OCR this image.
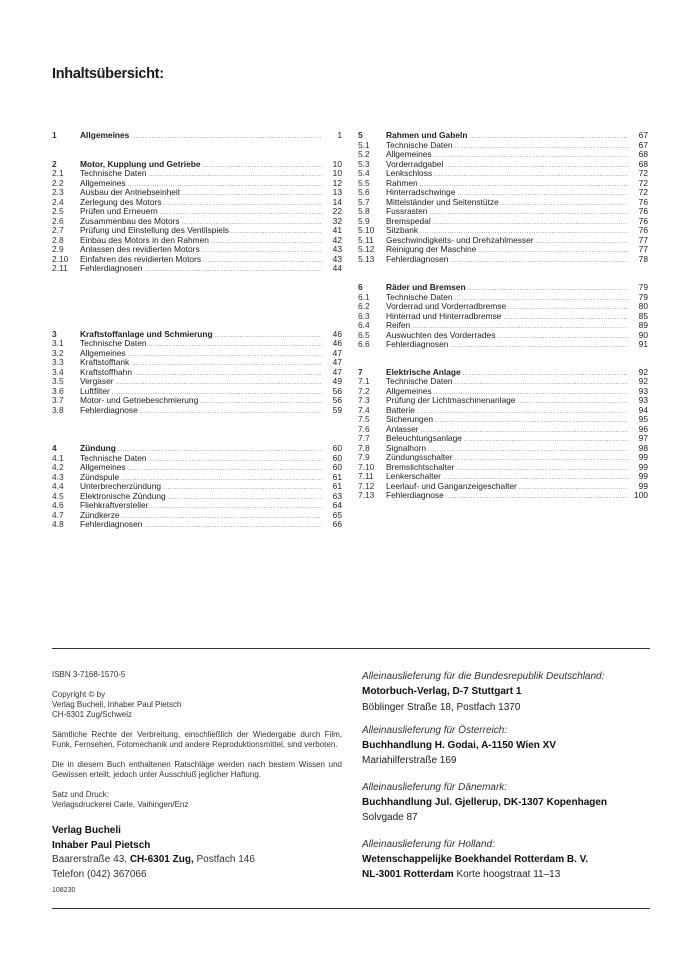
Inhaltsübersicht:
1	Allgemeines .....	1
2	Motor, Kupplung und Getriebe .....	10
2.1	Technische Daten .....	10
2.2	Allgemeines .....	12
2.3	Ausbau der Antriebseinheit .....	13
2.4	Zerlegung des Motors .....	14
2.5	Prüfen und Erneuern .....	22
2.6	Zusammenbau des Motors .....	32
2.7	Prüfung und Einstellung des Ventilspiels .....	41
2.8	Einbau des Motors in den Rahmen .....	42
2.9	Anlassen des revidierten Motors .....	43
2.10	Einfahren des revidierten Motors .....	43
2.11	Fehlerdiagnosen .....	44
3	Kraftstoffanlage und Schmierung .....	46
3.1	Technische Daten .....	46
3.2	Allgemeines .....	47
3.3	Kraftstofftank .....	47
3.4	Kraftstoffhahn .....	47
3.5	Vergaser .....	49
3.6	Luftfilter .....	56
3.7	Motor- und Getriebeschmierung .....	56
3.8	Fehlerdiagnose .....	59
4	Zündung .....	60
4.1	Technische Daten .....	60
4.2	Allgemeines .....	60
4.3	Zündspule .....	61
4.4	Unterbrecherzündung .....	61
4.5	Elektronische Zündung .....	63
4.6	Fliehkraftversteller .....	64
4.7	Zündkerze .....	65
4.8	Fehlerdiagnosen .....	66
5	Rahmen und Gabeln .....	67
5.1	Technische Daten .....	67
5.2	Allgemeines .....	68
5.3	Vorderradgabel .....	68
5.4	Lenkschloss .....	72
5.5	Rahmen .....	72
5.6	Hinterradschwinge .....	72
5.7	Mittelständer und Seitenstütze .....	76
5.8	Fussrasten .....	76
5.9	Bremspedal .....	76
5.10	Sitzbank .....	76
5.11	Geschwindigkeits- und Drehzahlmesser .....	77
5.12	Reinigung der Maschine .....	77
5.13	Fehlerdiagnosen .....	78
6	Räder und Bremsen .....	79
6.1	Technische Daten .....	79
6.2	Vorderrad und Vorderradbremse .....	80
6.3	Hinterrad und Hinterradbremse .....	85
6.4	Reifen .....	89
6.5	Auswuchten des Vorderrades .....	90
6.6	Fehlerdiagnosen .....	91
7	Elektrische Anlage .....	92
7.1	Technische Daten .....	92
7.2	Allgemeines .....	93
7.3	Prüfung der Lichtmaschinenanlage .....	93
7.4	Batterie .....	94
7.5	Sicherungen .....	95
7.6	Anlasser .....	96
7.7	Beleuchtungsanlage .....	97
7.8	Signalhorn .....	98
7.9	Zündungsschalter .....	99
7.10	Bremslichtschalter .....	99
7.11	Lenkerschalter .....	99
7.12	Leerlauf- und Ganganzeigeschalter .....	99
7.13	Fehlerdiagnose .....	100

ISBN 3-7168-1570-5

Copyright © by
Verlag Bucheli, Inhaber Paul Pietsch
CH-6301 Zug/Schweiz

Sämtliche Rechte der Verbreitung, einschließlich der Wiedergabe durch Film, Funk, Fernsehen, Fotomechanik und andere Reproduktionsmittel, sind verboten.

Die in diesem Buch enthaltenen Ratschläge werden nach bestem Wissen und Gewissen erteilt, jedoch unter Ausschluß jeglicher Haftung.

Satz und Druck:
Verlagsdruckerei Carle, Vaihingen/Enz

Verlag Bucheli
Inhaber Paul Pietsch
Baarerstraße 43, CH-6301 Zug, Postfach 146
Telefon (042) 367066
108230
Alleinauslieferung für die Bundesrepublik Deutschland:
Motorbuch-Verlag, D-7 Stuttgart 1
Böblinger Straße 18, Postfach 1370
Alleinauslieferung für Österreich:
Buchhandlung H. Godai, A-1150 Wien XV
Mariahilferstraße 169
Alleinauslieferung für Dänemark:
Buchhandlung Jul. Gjellerup, DK-1307 Kopenhagen
Solvgade 87
Alleinauslieferung für Holland:
Wetenschappelijke Boekhandel Rotterdam B. V.
NL-3001 Rotterdam Korte hoogstraat 11–13
